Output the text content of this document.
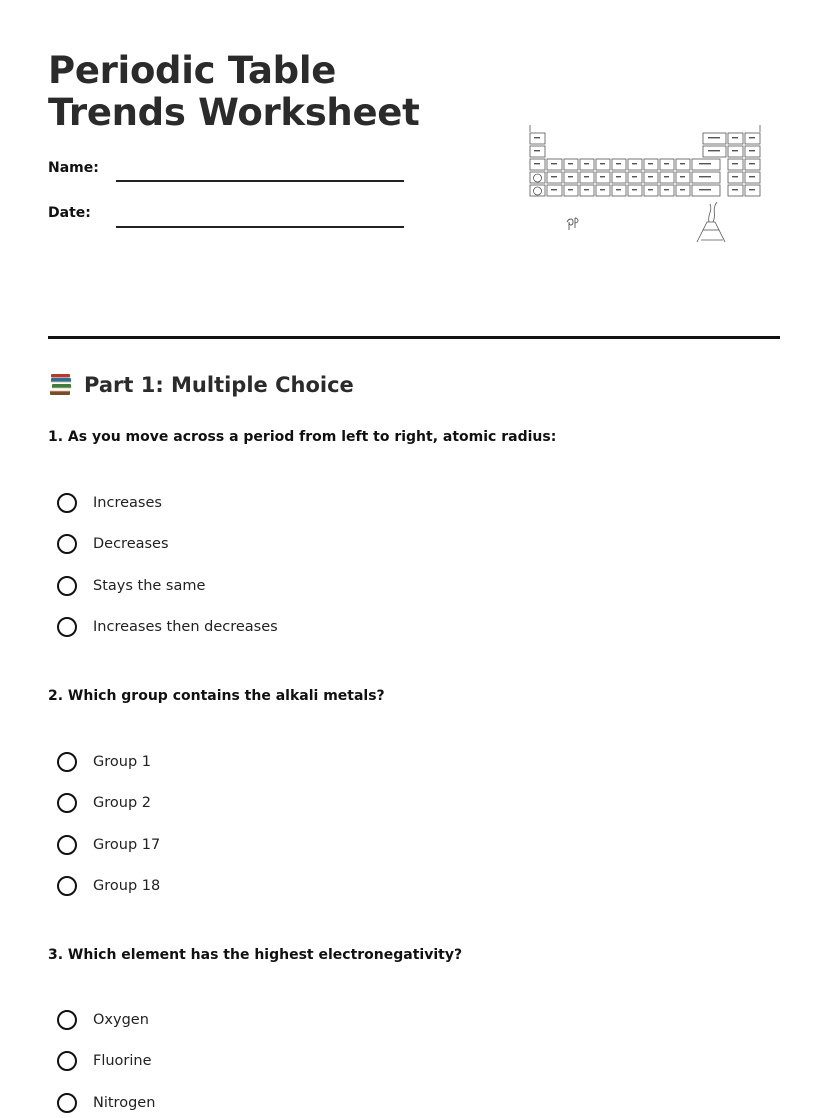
Periodic Table Trends Worksheet
Name:
Date:
Part 1: Multiple Choice
1. As you move across a period from left to right, atomic radius:
Increases
Decreases
Stays the same
Increases then decreases
2. Which group contains the alkali metals?
Group 1
Group 2
Group 17
Group 18
3. Which element has the highest electronegativity?
Oxygen
Fluorine
Nitrogen
